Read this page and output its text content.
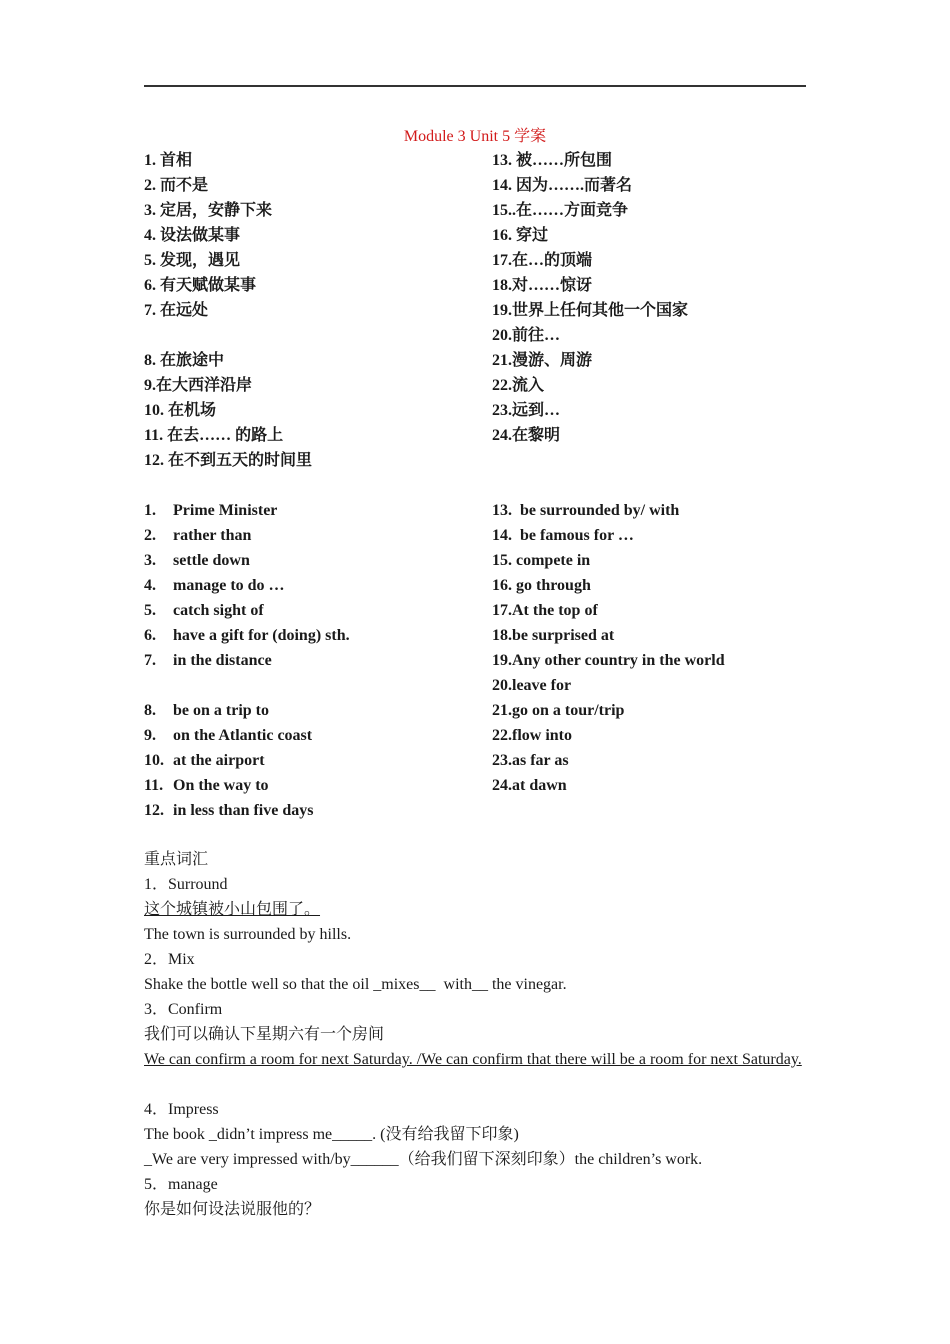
Module 3 Unit 5 学案
1. 首相
2. 而不是
3. 定居，安静下来
4. 设法做某事
5. 发现，遇见
6. 有天赋做某事
7. 在远处
8. 在旅途中
9.在大西洋沿岸
10. 在机场
11. 在去…… 的路上
12. 在不到五天的时间里
13. 被……所包围
14. 因为…….而著名
15..在……方面竞争
16. 穿过
17.在…的顶端
18.对……惊讶
19.世界上任何其他一个国家
20.前往…
21.漫游、周游
22.流入
23.远到…
24.在黎明
1. Prime Minister
2. rather than
3. settle down
4. manage to do …
5. catch sight of
6. have a gift for (doing) sth.
7. in the distance
8. be on a trip to
9. on the Atlantic coast
10. at the airport
11. On the way to
12. in less than five days
13.  be surrounded by/ with
14.  be famous for …
15. compete in
16. go through
17.At the top of
18.be surprised at
19.Any other country in the world
20.leave for
21.go on a tour/trip
22.flow into
23.as far as
24.at dawn
重点词汇
1．Surround
这个城镇被小山包围了。
The town is surrounded by hills.
2．Mix
Shake the bottle well so that the oil _mixes__  with__ the vinegar.
3．Confirm
我们可以确认下星期六有一个房间
We can confirm a room for next Saturday. /We can confirm that there will be a room for next Saturday.
4．Impress
The book _didn’t impress me_____. (没有给我留下印象)
_We are very impressed with/by______（给我们留下深刻印象）the children’s work.
5．manage
你是如何设法说服他的？
